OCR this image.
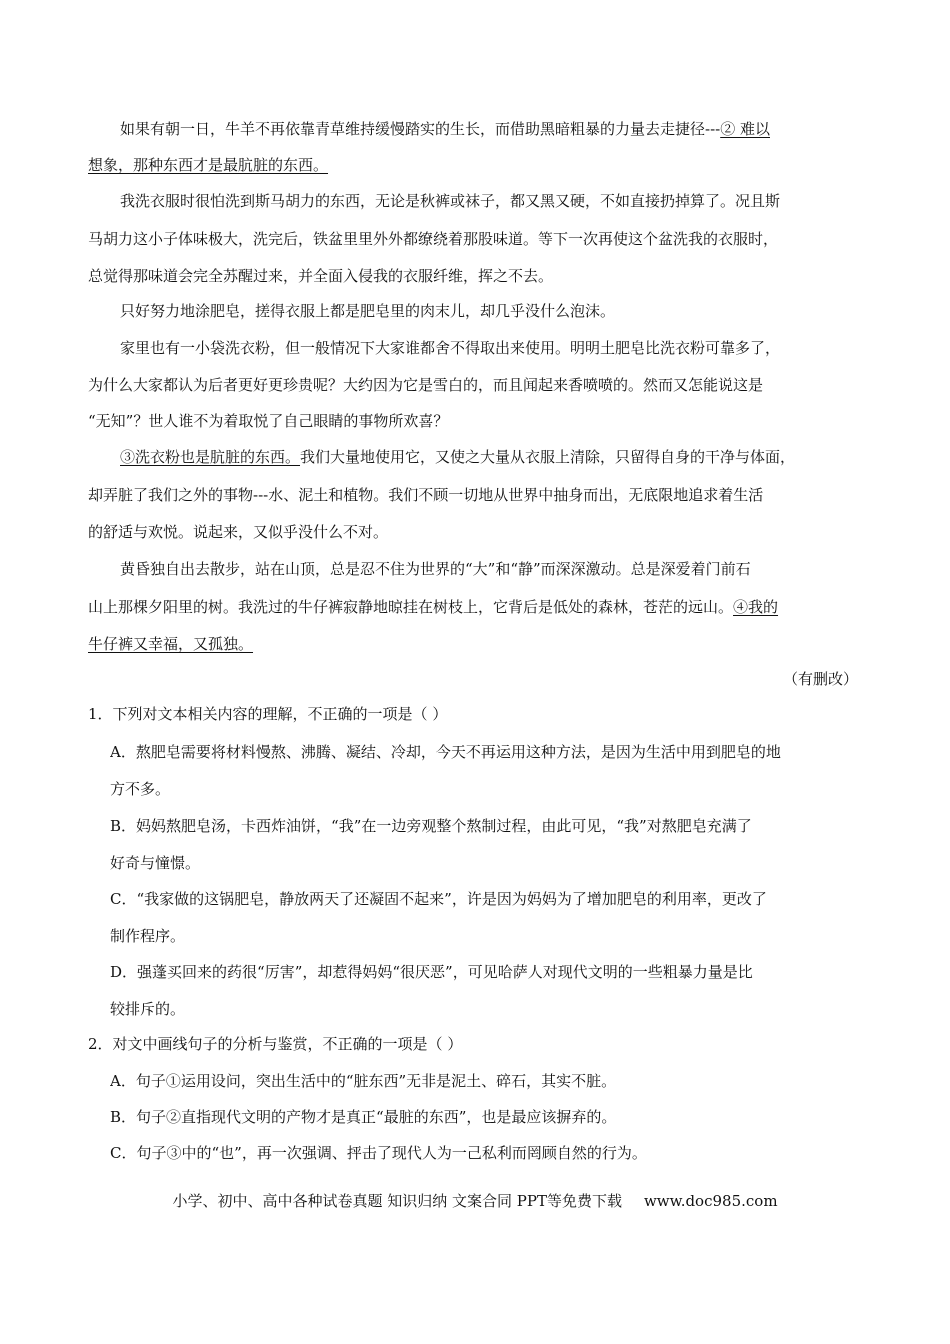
如果有朝一日，牛羊不再依靠青草维持缓慢踏实的生长，而借助黑暗粗暴的力量去走捷径---② 难以
想象，那种东西才是最肮脏的东西。
我洗衣服时很怕洗到斯马胡力的东西，无论是秋裤或袜子，都又黑又硬，不如直接扔掉算了。况且斯
马胡力这小子体味极大，洗完后，铁盆里里外外都缭绕着那股味道。等下一次再使这个盆洗我的衣服时，
总觉得那味道会完全苏醒过来，并全面入侵我的衣服纤维，挥之不去。
只好努力地涂肥皂，搓得衣服上都是肥皂里的肉末儿，却几乎没什么泡沫。
家里也有一小袋洗衣粉，但一般情况下大家谁都舍不得取出来使用。明明土肥皂比洗衣粉可靠多了，
为什么大家都认为后者更好更珍贵呢？大约因为它是雪白的，而且闻起来香喷喷的。然而又怎能说这是
“无知”？世人谁不为着取悦了自己眼睛的事物所欢喜？
③洗衣粉也是肮脏的东西。我们大量地使用它，又使之大量从衣服上清除，只留得自身的干净与体面，
却弄脏了我们之外的事物---水、泥土和植物。我们不顾一切地从世界中抽身而出，无底限地追求着生活
的舒适与欢悦。说起来，又似乎没什么不对。
黄昏独自出去散步，站在山顶，总是忍不住为世界的“大”和“静”而深深激动。总是深爱着门前石
山上那棵夕阳里的树。我洗过的牛仔裤寂静地晾挂在树枝上，它背后是低处的森林，苍茫的远山。④我的
牛仔裤又幸福，又孤独。
（有删改）
1．下列对文本相关内容的理解，不正确的一项是（ ）
A．熬肥皂需要将材料慢熬、沸腾、凝结、冷却，今天不再运用这种方法，是因为生活中用到肥皂的地
方不多。
B．妈妈熬肥皂汤，卡西炸油饼，“我”在一边旁观整个熬制过程，由此可见，“我”对熬肥皂充满了
好奇与憧憬。
C．“我家做的这锅肥皂，静放两天了还凝固不起来”，许是因为妈妈为了增加肥皂的利用率，更改了
制作程序。
D．强蓬买回来的药很“厉害”，却惹得妈妈“很厌恶”，可见哈萨人对现代文明的一些粗暴力量是比
较排斥的。
2．对文中画线句子的分析与鉴赏，不正确的一项是（ ）
A．句子①运用设问，突出生活中的“脏东西”无非是泥土、碎石，其实不脏。
B．句子②直指现代文明的产物才是真正“最脏的东西”，也是最应该摒弃的。
C．句子③中的“也”，再一次强调、抨击了现代人为一己私利而罔顾自然的行为。
小学、初中、高中各种试卷真题 知识归纳 文案合同 PPT等免费下载 www.doc985.com
